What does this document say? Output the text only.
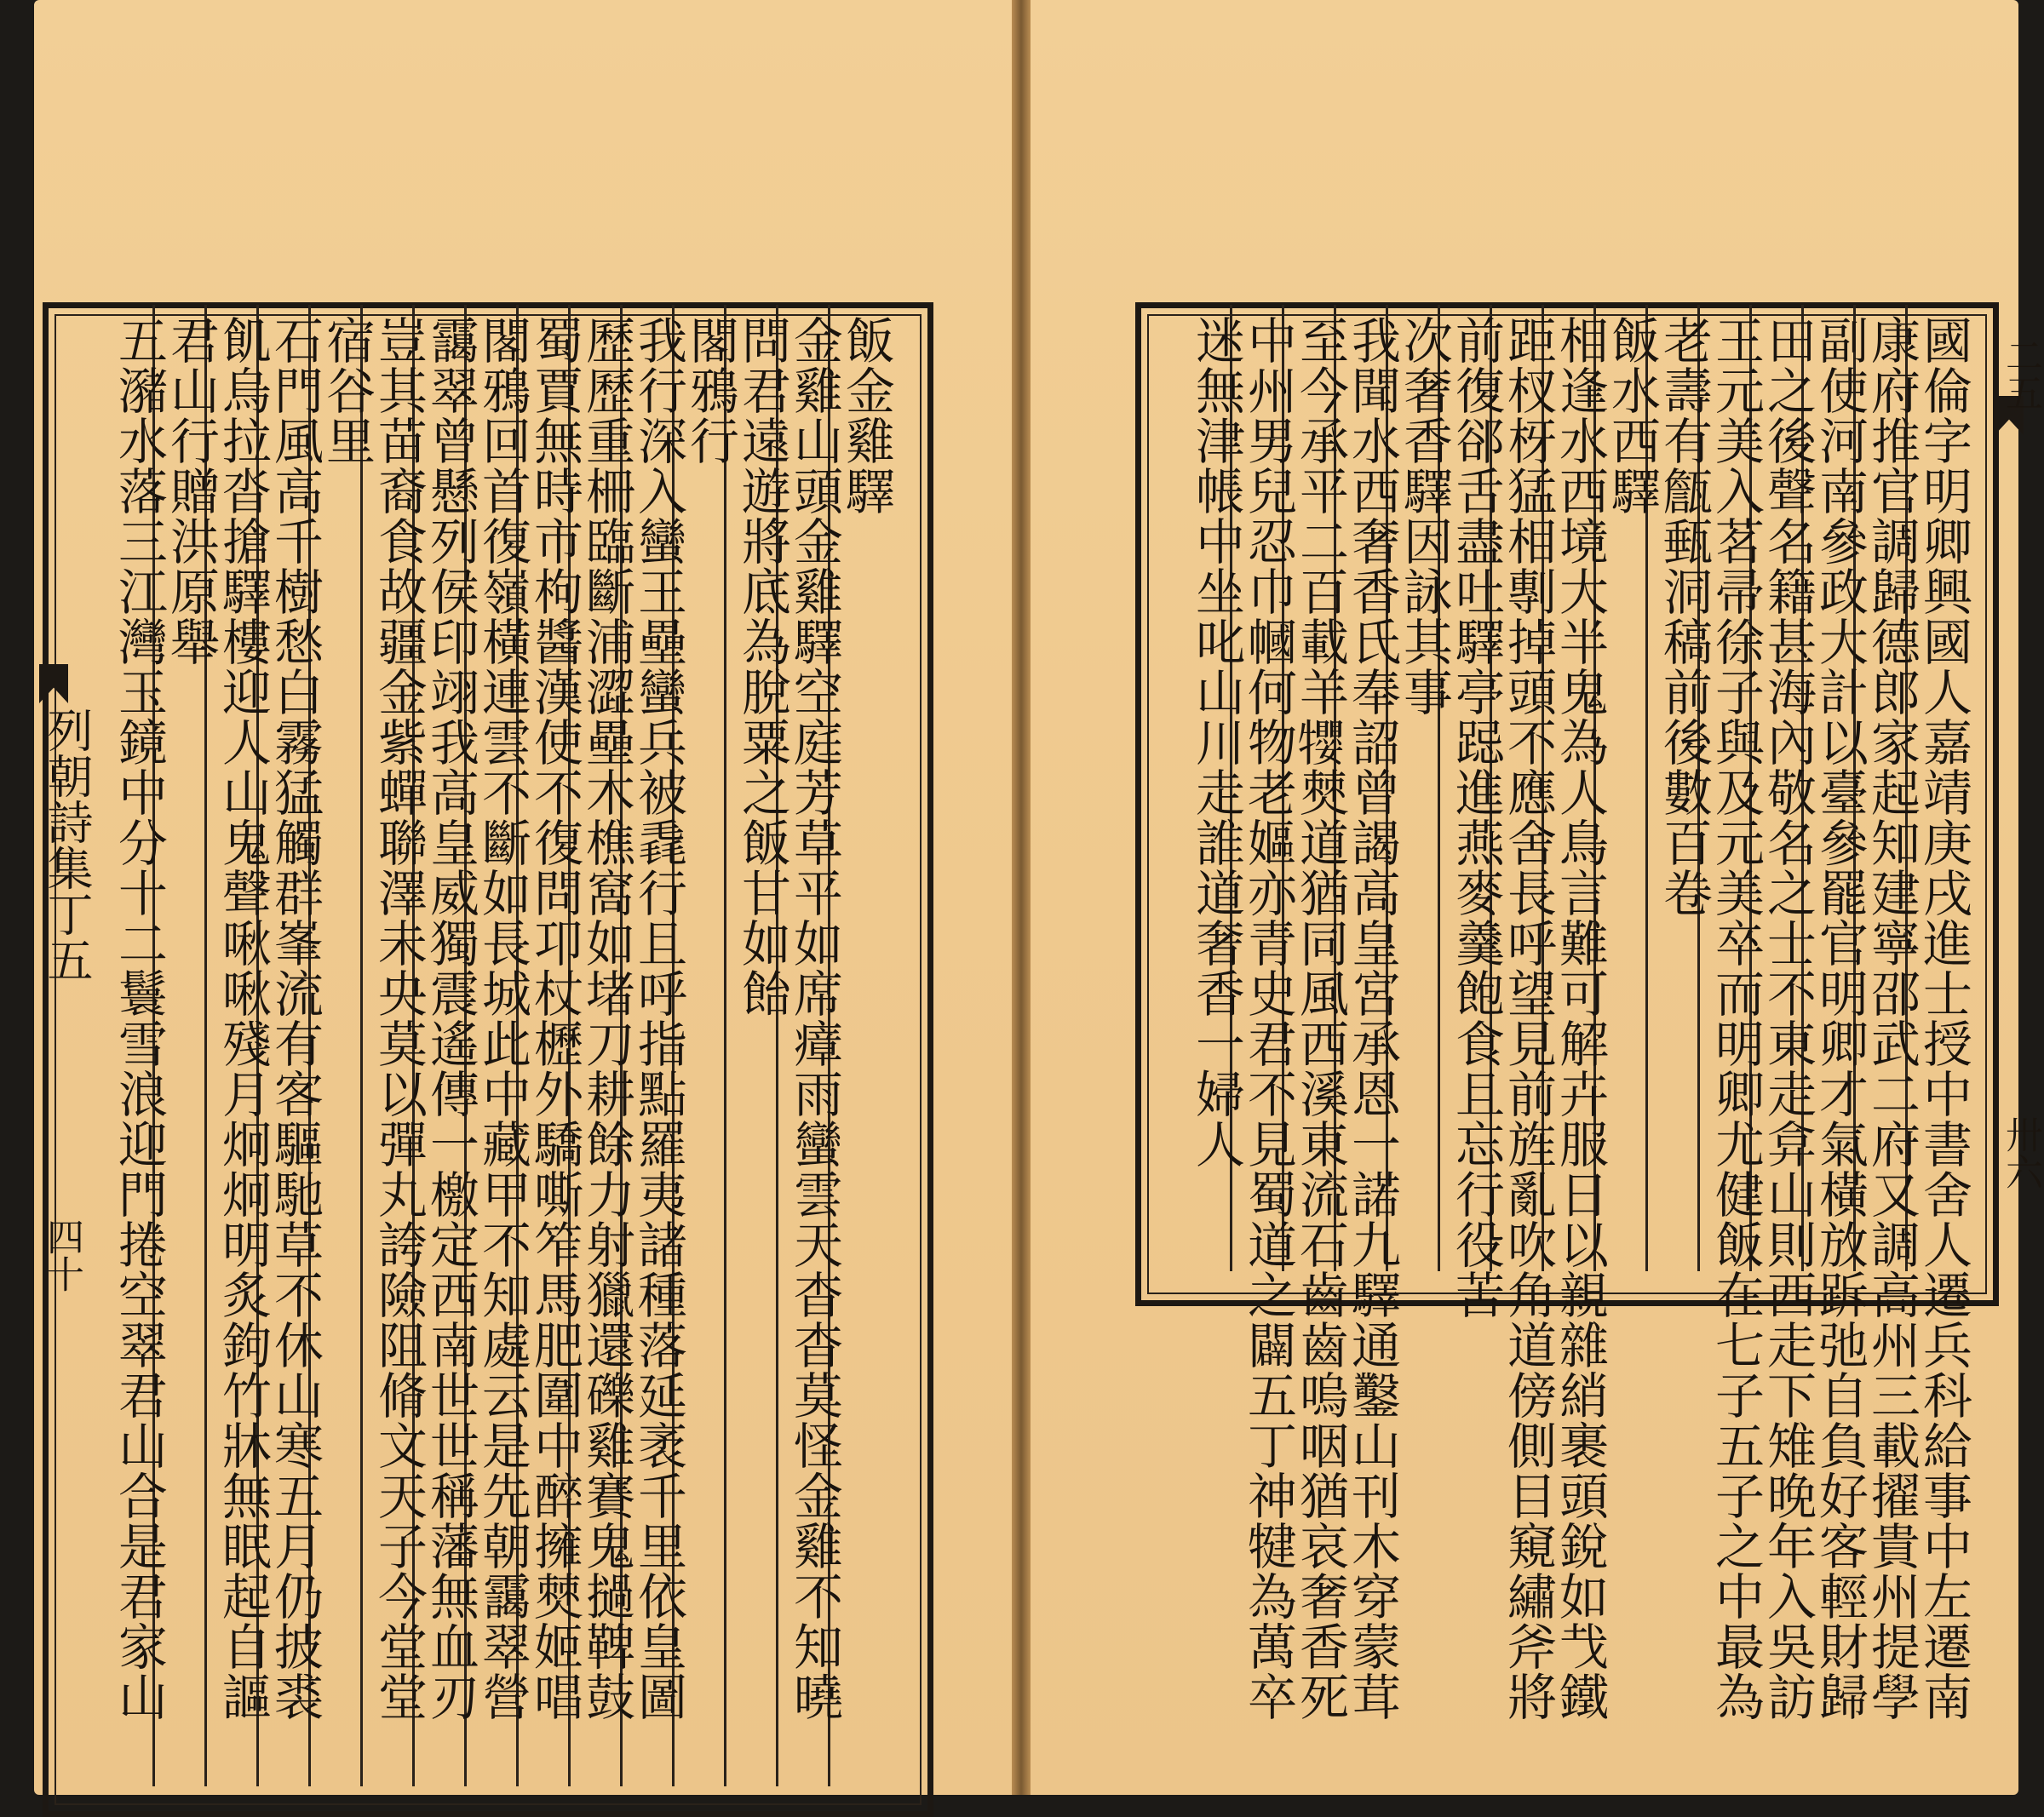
國倫字明卿興國人嘉靖庚戌進士授中書舍人遷兵科給事中左遷南
康府推官調歸德郎家起知建寧邵武二府又調高州三載擢貴州提學
副使河南參政大計以臺參罷官明卿才氣橫放跅弛自負好客輕財歸
田之後聲名籍甚海內敬名之士不東走弇山則西走下雉晚年入吳訪
王元美入茗帚徐子與及元美卒而明卿尤健飯在七子五子之中最為
老壽有甔甀洞稿前後數百卷
飯水西驛
相逢水西境大半鬼為人鳥言難可解卉服日以親雜綃裹頭銳如𢦏鐵
距杈枒猛相剸掉頭不應舍長呼望見前旌亂吹角道傍側目窺繡斧將
前復郤舌盡吐驛亭跽進燕麥羹飽食且忘行役苦
次奢香驛因詠其事
我聞水西奢香氏奉詔曾謁高皇宮承恩一諾九驛通鑿山刊木穿蒙茸
至今承平二百載羊𤜉僰道猶同風西溪東流石齒齒嗚咽猶哀奢香死
中州男兒忍巾幗何物老嫗亦青史君不見蜀道之闢五丁神犍為萬卒
迷無津帳中坐叱山川走誰道奢香一婦人	二五
卅六
飯金雞驛
金雞山頭金雞驛空庭芳草平如席瘴雨蠻雲天杳杳莫怪金雞不知曉
問君遠遊將底為脫粟之飯甘如飴
閣鴉行
我行深入蠻王壘蠻兵被毳行且呼指點羅夷諸種落延袤千里依皇圖
歷歷重柵臨斷浦澀壘木樵窩如堵刀耕餘力射獵還礫雞賽鬼撾鞞鼓
蜀賈無時市枸醬漢使不復問卭杖櫪外驕嘶笮馬肥圍中醉擁僰姬唱
閣鴉回首復嶺橫連雲不斷如長城此中藏甲不知處云是先朝靄翠營
靄翠曾懸列侯印翊我高皇威獨震遙傳一檄定西南世世稱藩無血刃
豈其苗裔食故疆金紫蟬聯澤未央莫以彈丸誇險阻脩文天子今堂堂
宿谷里
石門風高千樹愁白霧猛觸群峯流有客驅馳草不休山寒五月仍披裘
飢烏拉沓搶驛樓迎人山鬼聲啾啾殘月炯炯明炙鉤竹牀無眠起自謳
君山行贈洪原舉
五瀦水落三江灣玉鏡中分十二鬟雪浪迎門捲空翠君山合是君家山
列朝詩集丁五
四十
